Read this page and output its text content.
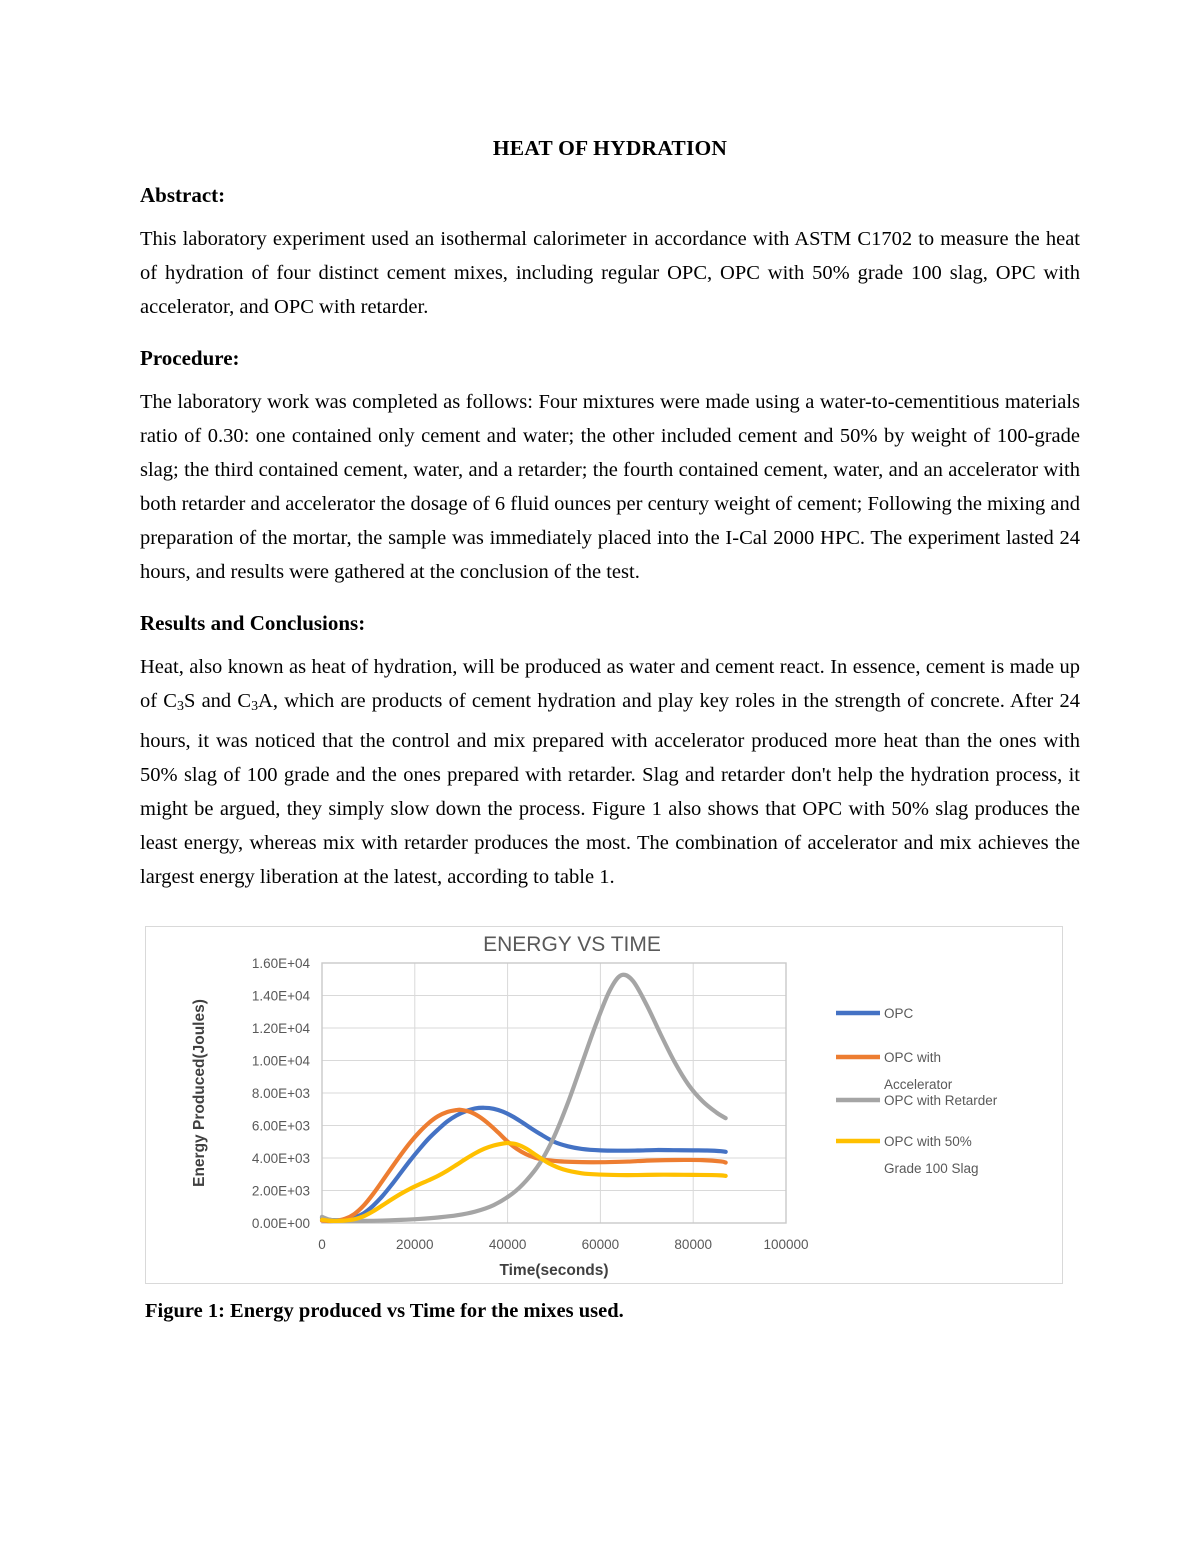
HEAT OF HYDRATION
Abstract:

This laboratory experiment used an isothermal calorimeter in accordance with ASTM C1702 to measure the heat of hydration of four distinct cement mixes, including regular OPC, OPC with 50% grade 100 slag, OPC with accelerator, and OPC with retarder.

Procedure:

The laboratory work was completed as follows: Four mixtures were made using a water-to-cementitious materials ratio of 0.30: one contained only cement and water; the other included cement and 50% by weight of 100-grade slag; the third contained cement, water, and a retarder; the fourth contained cement, water, and an accelerator with both retarder and accelerator the dosage of 6 fluid ounces per century weight of cement; Following the mixing and preparation of the mortar, the sample was immediately placed into the I-Cal 2000 HPC. The experiment lasted 24 hours, and results were gathered at the conclusion of the test.

Results and Conclusions:

Heat, also known as heat of hydration, will be produced as water and cement react. In essence, cement is made up of $C_3S$ and $C_3A$, which are products of cement hydration and play key roles in the strength of concrete. After 24 hours, it was noticed that the control and mix prepared with accelerator produced more heat than the ones with 50% slag of 100 grade and the ones prepared with retarder. Slag and retarder don't help the hydration process, it might be argued, they simply slow down the process. Figure 1 also shows that OPC with 50% slag produces the least energy, whereas mix with retarder produces the most. The combination of accelerator and mix achieves the largest energy liberation at the latest, according to table 1.

ENERGY VS TIME
0.00E+00
2.00E+03
4.00E+03
6.00E+03
8.00E+03
1.00E+04
1.20E+04
1.40E+04
1.60E+04
0	20000	40000	60000	80000	100000
Energy Produced(Joules)
Time(seconds)
OPC
OPC with
Accelerator
OPC with Retarder
OPC with 50%
Grade 100 Slag
Figure 1: Energy produced vs Time for the mixes used.
